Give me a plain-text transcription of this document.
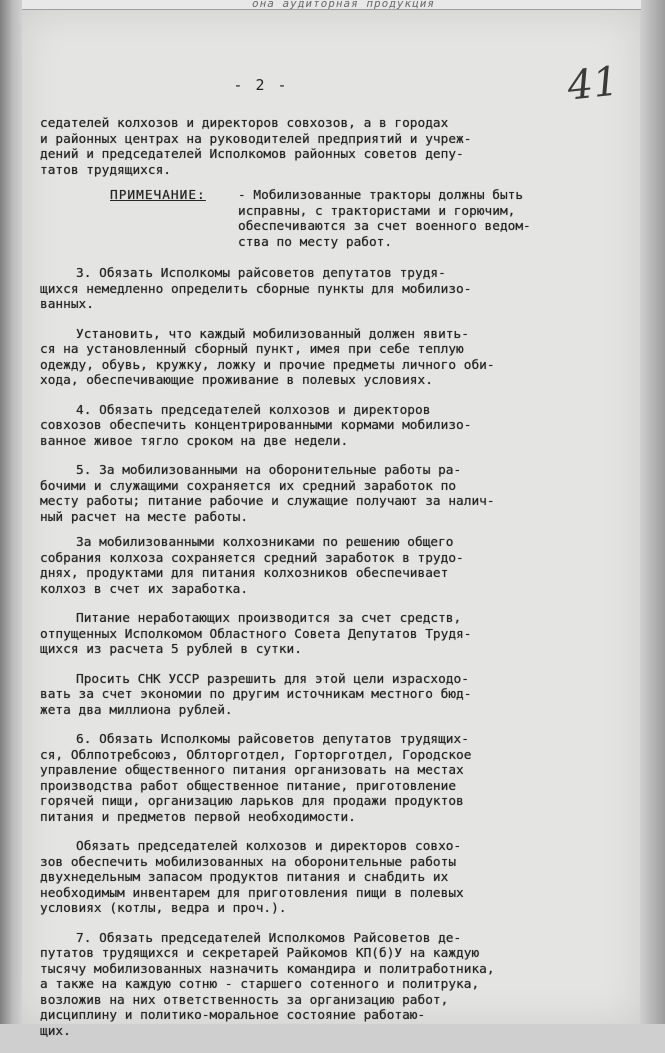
она аудиторная продукция
41
- 2 -

седателей колхозов и директоров совхозов, а в городах
и районных центрах на руководителей предприятий и учреж-
дений и председателей Исполкомов районных советов депу-
татов трудящихся.

ПРИМЕЧАНИЕ:	- Мобилизованные тракторы должны быть
исправны, с трактористами и горючим,
обеспечиваются за счет военного ведом-
ства по месту работ.

3. Обязать Исполкомы райсоветов депутатов трудя-
щихся немедленно определить сборные пункты для мобилизо-
ванных.

Установить, что каждый мобилизованный должен явить-
ся на установленный сборный пункт, имея при себе теплую
одежду, обувь, кружку, ложку и прочие предметы личного оби-
хода, обеспечивающие проживание в полевых условиях.

4. Обязать председателей колхозов и директоров
совхозов обеспечить концентрированными кормами мобилизо-
ванное живое тягло сроком на две недели.

5. За мобилизованными на оборонительные работы ра-
бочими и служащими сохраняется их средний заработок по
месту работы; питание рабочие и служащие получают за налич-
ный расчет на месте работы.

За мобилизованными колхозниками по решению общего
собрания колхоза сохраняется средний заработок в трудо-
днях, продуктами для питания колхозников обеспечивает
колхоз в счет их заработка.

Питание неработающих производится за счет средств,
отпущенных Исполкомом Областного Совета Депутатов Трудя-
щихся из расчета 5 рублей в сутки.

Просить СНК УССР разрешить для этой цели израсходо-
вать за счет экономии по другим источникам местного бюд-
жета два миллиона рублей.

6. Обязать Исполкомы райсоветов депутатов трудящих-
ся, Облпотребсоюз, Облторготдел, Горторготдел, Городское
управление общественного питания организовать на местах
производства работ общественное питание, приготовление
горячей пищи, организацию ларьков для продажи продуктов
питания и предметов первой необходимости.

Обязать председателей колхозов и директоров совхо-
зов обеспечить мобилизованных на оборонительные работы
двухнедельным запасом продуктов питания и снабдить их
необходимым инвентарем для приготовления пищи в полевых
условиях (котлы, ведра и проч.).

7. Обязать председателей Исполкомов Райсоветов де-
путатов трудящихся и секретарей Райкомов КП(б)У на каждую
тысячу мобилизованных назначить командира и политработника,
а также на каждую сотню - старшего сотенного и политрука,
возложив на них ответственность за организацию работ,
дисциплину и политико-моральное состояние работаю-
щих.
